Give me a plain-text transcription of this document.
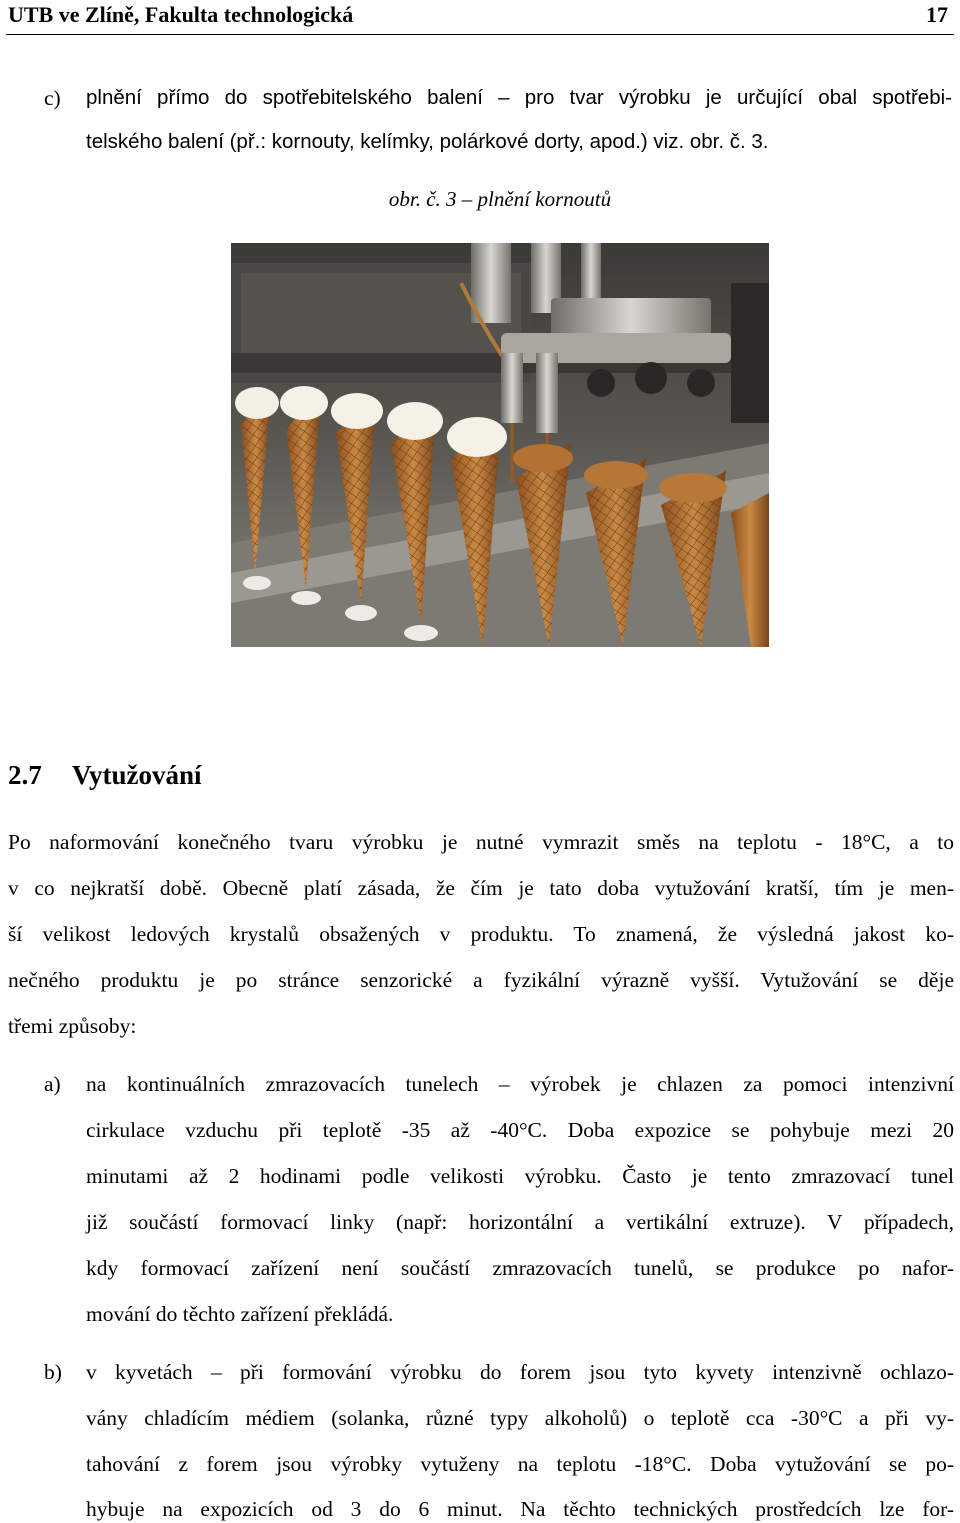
UTB ve Zlíně, Fakulta technologická	17
c) plnění přímo do spotřebitelského balení – pro tvar výrobku je určující obal spotřebi-
telského balení (př.: kornouty, kelímky, polárkové dorty, apod.) viz. obr. č. 3.
obr. č. 3 – plnění kornoutů
2.7 Vytužování
Po naformování konečného tvaru výrobku je nutné vymrazit směs na teplotu - 18°C, a to
v co nejkratší době. Obecně platí zásada, že čím je tato doba vytužování kratší, tím je men-
ší velikost ledových krystalů obsažených v produktu. To znamená, že výsledná jakost ko-
nečného produktu je po stránce senzorické a fyzikální výrazně vyšší. Vytužování se děje
třemi způsoby:
a) na kontinuálních zmrazovacích tunelech – výrobek je chlazen za pomoci intenzivní
cirkulace vzduchu při teplotě -35 až -40°C. Doba expozice se pohybuje mezi 20
minutami až 2 hodinami podle velikosti výrobku. Často je tento zmrazovací tunel
již součástí formovací linky (např: horizontální a vertikální extruze). V případech,
kdy formovací zařízení není součástí zmrazovacích tunelů, se produkce po nafor-
mování do těchto zařízení překládá.
b) v kyvetách – při formování výrobku do forem jsou tyto kyvety intenzivně ochlazo-
vány chladícím médiem (solanka, různé typy alkoholů) o teplotě cca -30°C a při vy-
tahování z forem jsou výrobky vytuženy na teplotu -18°C. Doba vytužování se po-
hybuje na expozicích od 3 do 6 minut. Na těchto technických prostředcích lze for-
